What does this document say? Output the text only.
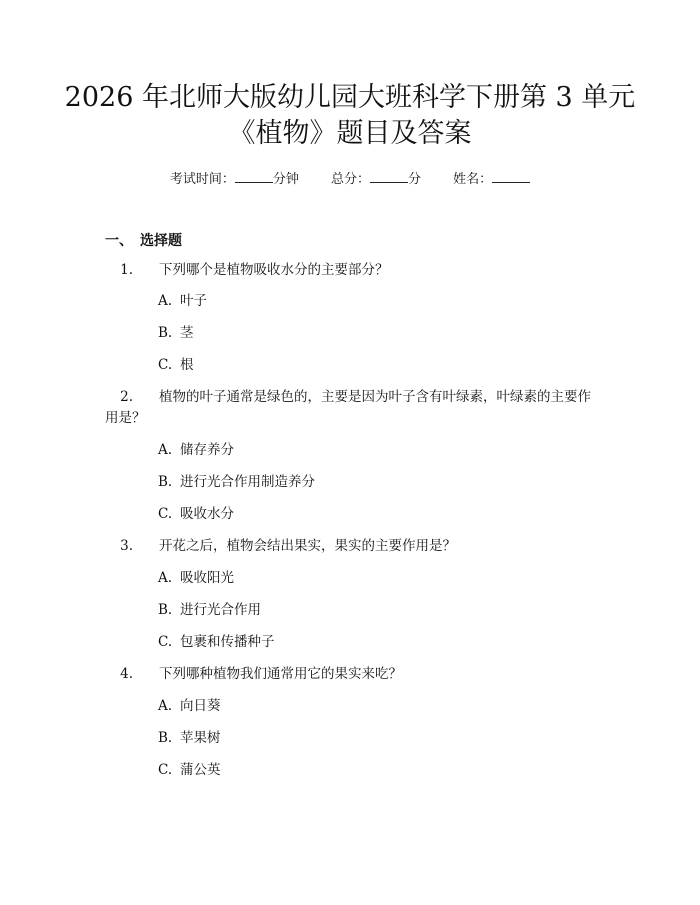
2026 年北师大版幼儿园大班科学下册第 3 单元《植物》题目及答案
考试时间：	分钟 总分：	分 姓名：
一、 选择题
1. 下列哪个是植物吸收水分的主要部分？
A. 叶子
B. 茎
C. 根
2. 植物的叶子通常是绿色的，主要是因为叶子含有叶绿素，叶绿素的主要作用是？
A. 储存养分
B. 进行光合作用制造养分
C. 吸收水分
3. 开花之后，植物会结出果实，果实的主要作用是？
A. 吸收阳光
B. 进行光合作用
C. 包裹和传播种子
4. 下列哪种植物我们通常用它的果实来吃？
A. 向日葵
B. 苹果树
C. 蒲公英
